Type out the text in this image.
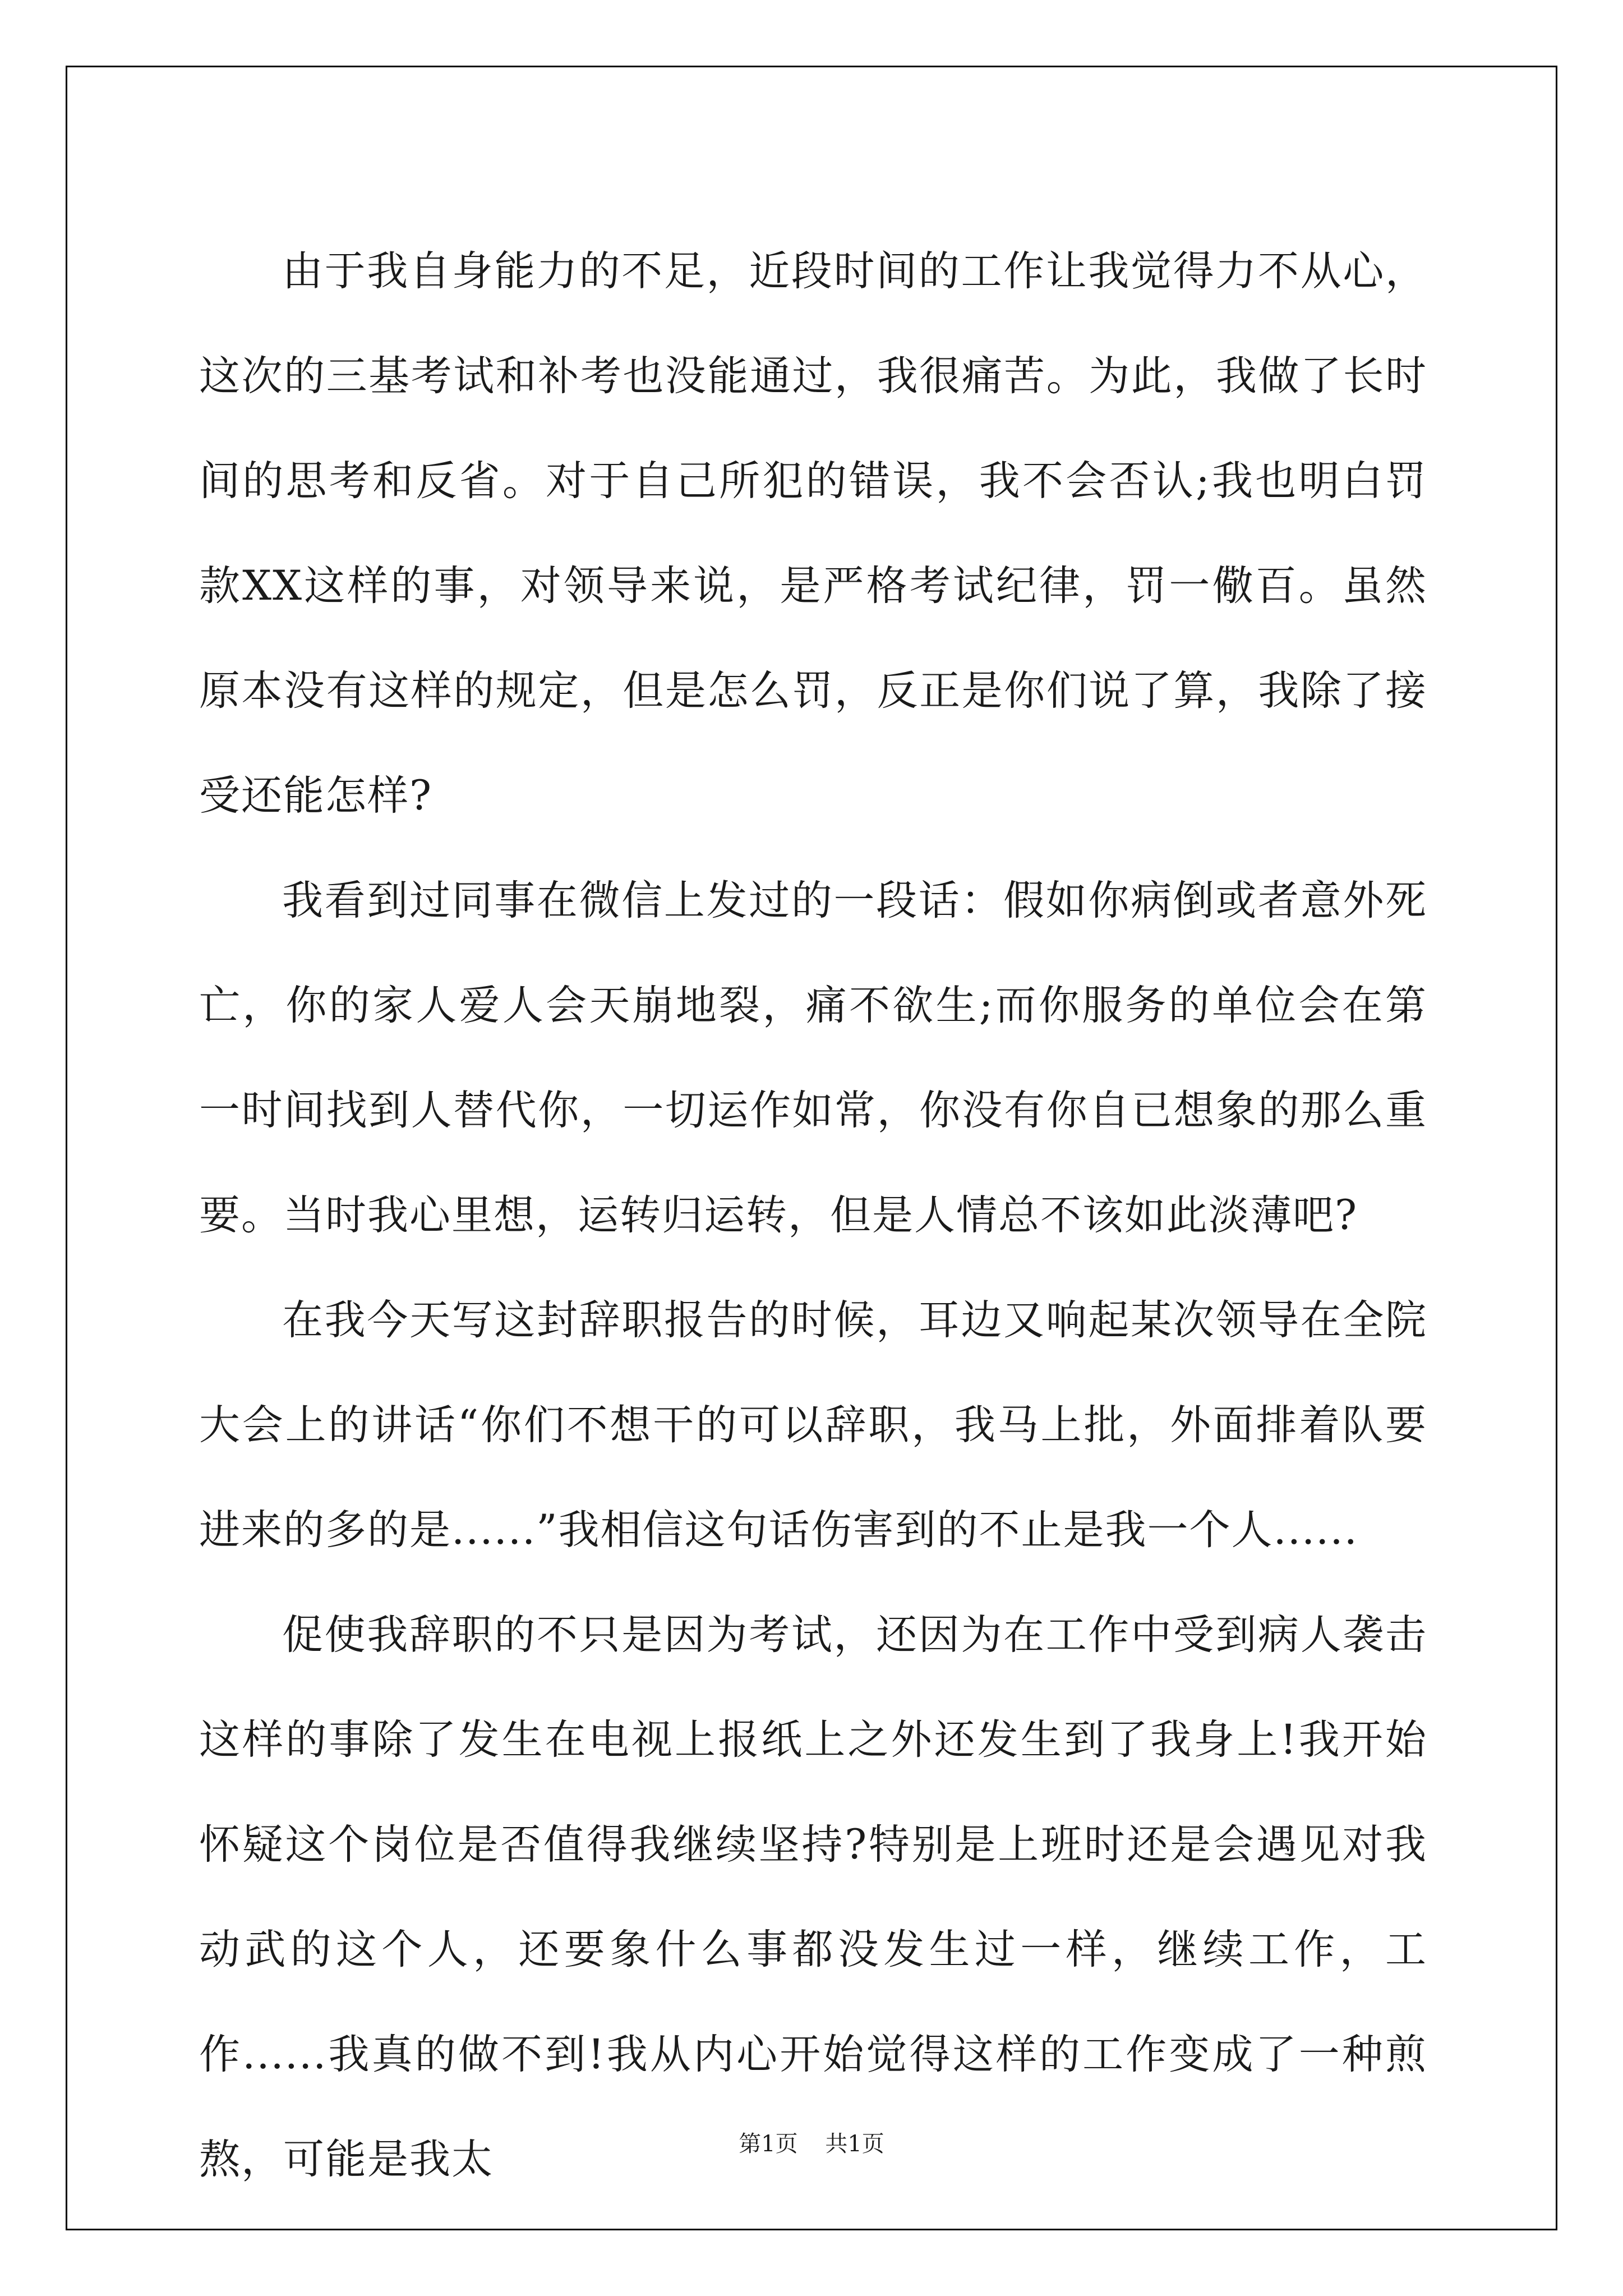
由于我自身能力的不足，近段时间的工作让我觉得力不从心，这次的三基考试和补考也没能通过，我很痛苦。为此，我做了长时间的思考和反省。对于自己所犯的错误，我不会否认;我也明白罚款XX这样的事，对领导来说，是严格考试纪律，罚一儆百。虽然原本没有这样的规定，但是怎么罚，反正是你们说了算，我除了接受还能怎样?

我看到过同事在微信上发过的一段话：假如你病倒或者意外死亡，你的家人爱人会天崩地裂，痛不欲生;而你服务的单位会在第一时间找到人替代你，一切运作如常，你没有你自已想象的那么重要。当时我心里想，运转归运转，但是人情总不该如此淡薄吧?

在我今天写这封辞职报告的时候，耳边又响起某次领导在全院大会上的讲话“你们不想干的可以辞职，我马上批，外面排着队要进来的多的是......”我相信这句话伤害到的不止是我一个人......

促使我辞职的不只是因为考试，还因为在工作中受到病人袭击这样的事除了发生在电视上报纸上之外还发生到了我身上!我开始怀疑这个岗位是否值得我继续坚持?特别是上班时还是会遇见对我动武的这个人，还要象什么事都没发生过一样，继续工作，工作......我真的做不到!我从内心开始觉得这样的工作变成了一种煎熬，可能是我太	第1页 共1页
